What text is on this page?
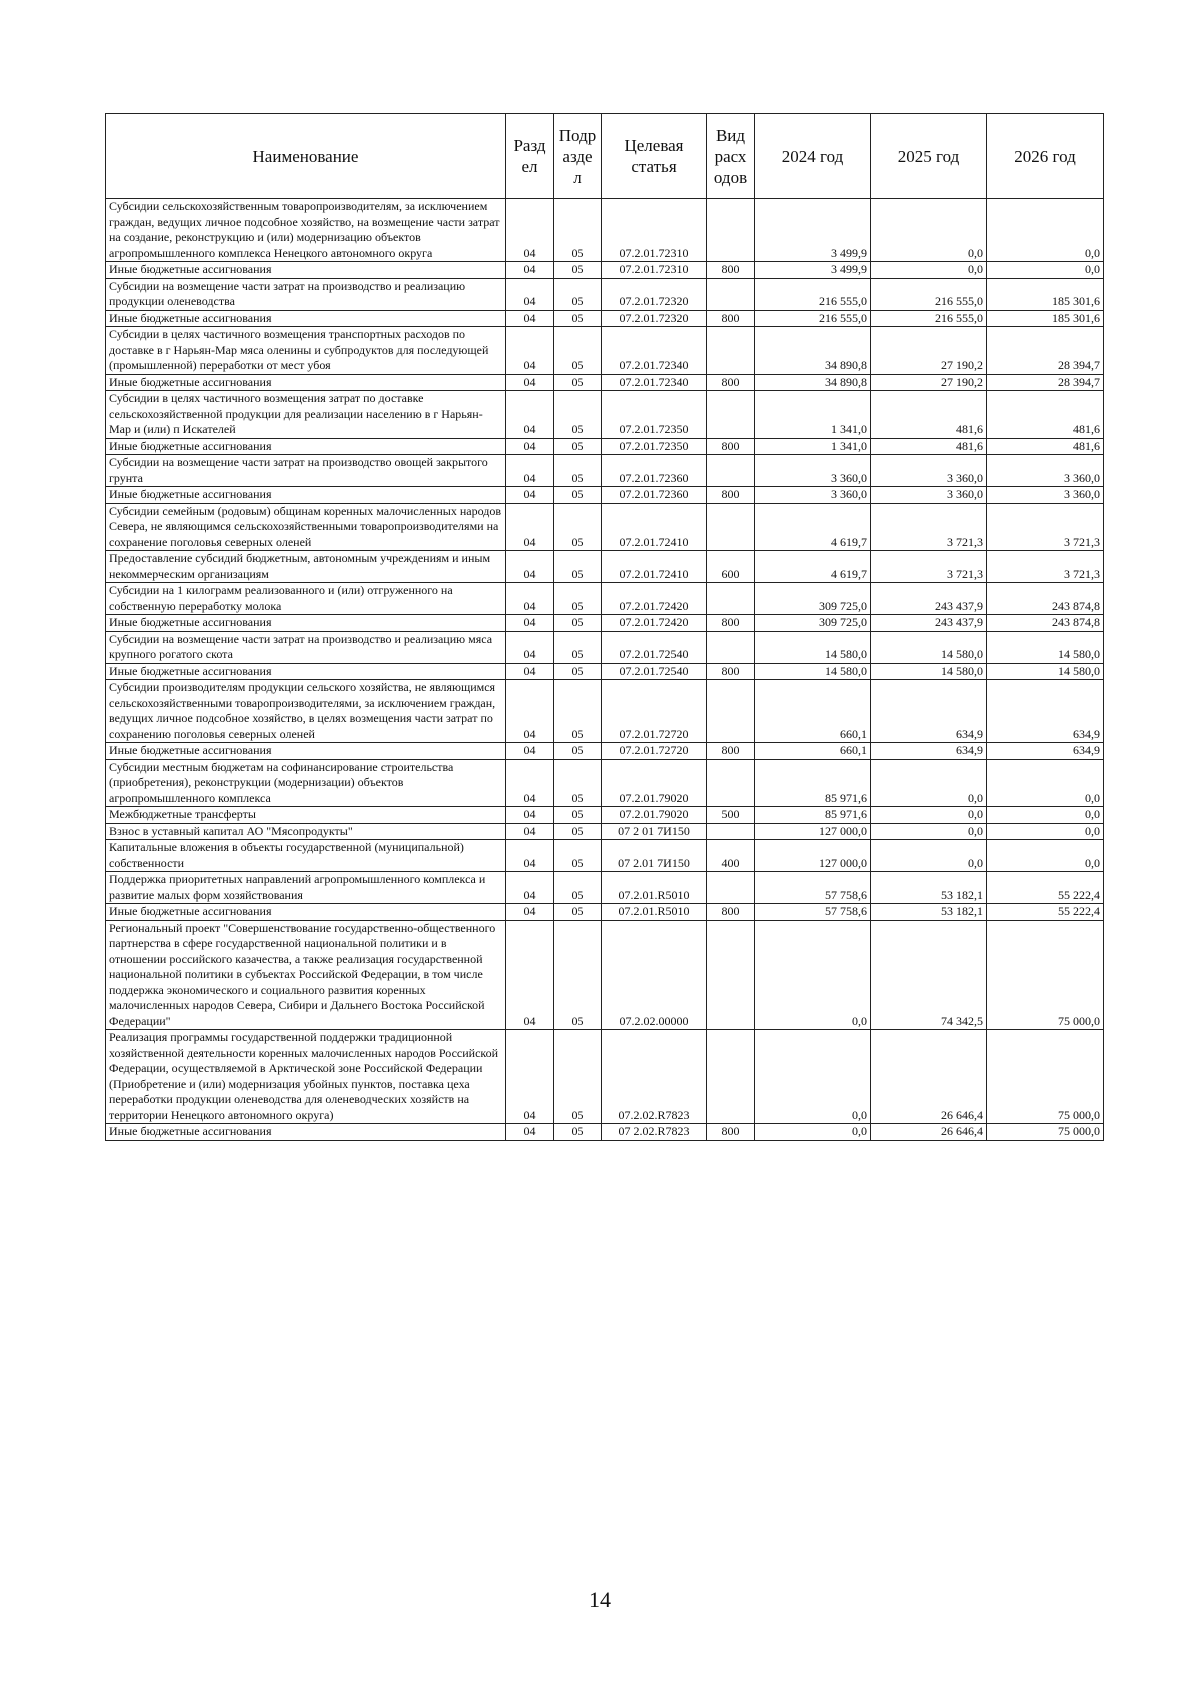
Наименование	Разд ел	Подр азде л	Целевая статья	Вид расх одов	2024 год	2025 год	2026 год
Субсидии сельскохозяйственным товаропроизводителям, за исключением граждан, ведущих личное подсобное хозяйство, на возмещение части затрат на создание, реконструкцию и (или) модернизацию объектов агропромышленного комплекса Ненецкого автономного округа	04	05	07.2.01.72310		3 499,9	0,0	0,0
Иные бюджетные ассигнования	04	05	07.2.01.72310	800	3 499,9	0,0	0,0
Субсидии на возмещение части затрат на производство и реализацию продукции оленеводства	04	05	07.2.01.72320		216 555,0	216 555,0	185 301,6
Иные бюджетные ассигнования	04	05	07.2.01.72320	800	216 555,0	216 555,0	185 301,6
Субсидии в целях частичного возмещения транспортных расходов по доставке в г Нарьян-Мар мяса оленины и субпродуктов для последующей (промышленной) переработки от мест убоя	04	05	07.2.01.72340		34 890,8	27 190,2	28 394,7
Иные бюджетные ассигнования	04	05	07.2.01.72340	800	34 890,8	27 190,2	28 394,7
Субсидии в целях частичного возмещения затрат по доставке сельскохозяйственной продукции для реализации населению в г Нарьян-Мар и (или) п Искателей	04	05	07.2.01.72350		1 341,0	481,6	481,6
Иные бюджетные ассигнования	04	05	07.2.01.72350	800	1 341,0	481,6	481,6
Субсидии на возмещение части затрат на производство овощей закрытого грунта	04	05	07.2.01.72360		3 360,0	3 360,0	3 360,0
Иные бюджетные ассигнования	04	05	07.2.01.72360	800	3 360,0	3 360,0	3 360,0
Субсидии семейным (родовым) общинам коренных малочисленных народов Севера, не являющимся сельскохозяйственными товаропроизводителями на сохранение поголовья северных оленей	04	05	07.2.01.72410		4 619,7	3 721,3	3 721,3
Предоставление субсидий бюджетным, автономным учреждениям и иным некоммерческим организациям	04	05	07.2.01.72410	600	4 619,7	3 721,3	3 721,3
Субсидии на 1 килограмм реализованного и (или) отгруженного на собственную переработку молока	04	05	07.2.01.72420		309 725,0	243 437,9	243 874,8
Иные бюджетные ассигнования	04	05	07.2.01.72420	800	309 725,0	243 437,9	243 874,8
Субсидии на возмещение части затрат на производство и реализацию мяса крупного рогатого скота	04	05	07.2.01.72540		14 580,0	14 580,0	14 580,0
Иные бюджетные ассигнования	04	05	07.2.01.72540	800	14 580,0	14 580,0	14 580,0
Субсидии производителям продукции сельского хозяйства, не являющимся сельскохозяйственными товаропроизводителями, за исключением граждан, ведущих личное подсобное хозяйство, в целях возмещения части затрат по сохранению поголовья северных оленей	04	05	07.2.01.72720		660,1	634,9	634,9
Иные бюджетные ассигнования	04	05	07.2.01.72720	800	660,1	634,9	634,9
Субсидии местным бюджетам на софинансирование строительства (приобретения), реконструкции (модернизации) объектов агропромышленного комплекса	04	05	07.2.01.79020		85 971,6	0,0	0,0
Межбюджетные трансферты	04	05	07.2.01.79020	500	85 971,6	0,0	0,0
Взнос в уставный капитал АО "Мясопродукты"	04	05	07 2 01 7И150		127 000,0	0,0	0,0
Капитальные вложения в объекты государственной (муниципальной) собственности	04	05	07 2.01 7И150	400	127 000,0	0,0	0,0
Поддержка приоритетных направлений агропромышленного комплекса и развитие малых форм хозяйствования	04	05	07.2.01.R5010		57 758,6	53 182,1	55 222,4
Иные бюджетные ассигнования	04	05	07.2.01.R5010	800	57 758,6	53 182,1	55 222,4
Региональный проект "Совершенствование государственно-общественного партнерства в сфере государственной национальной политики и в отношении российского казачества, а также реализация государственной национальной политики в субъектах Российской Федерации, в том числе поддержка экономического и социального развития коренных малочисленных народов Севера, Сибири и Дальнего Востока Российской Федерации"	04	05	07.2.02.00000		0,0	74 342,5	75 000,0
Реализация программы государственной поддержки традиционной хозяйственной деятельности коренных малочисленных народов Российской Федерации, осуществляемой в Арктической зоне Российской Федерации (Приобретение и (или) модернизация убойных пунктов, поставка цеха переработки продукции оленеводства для оленеводческих хозяйств на территории Ненецкого автономного округа)	04	05	07.2.02.R7823		0,0	26 646,4	75 000,0
Иные бюджетные ассигнования	04	05	07 2.02.R7823	800	0,0	26 646,4	75 000,0
14
